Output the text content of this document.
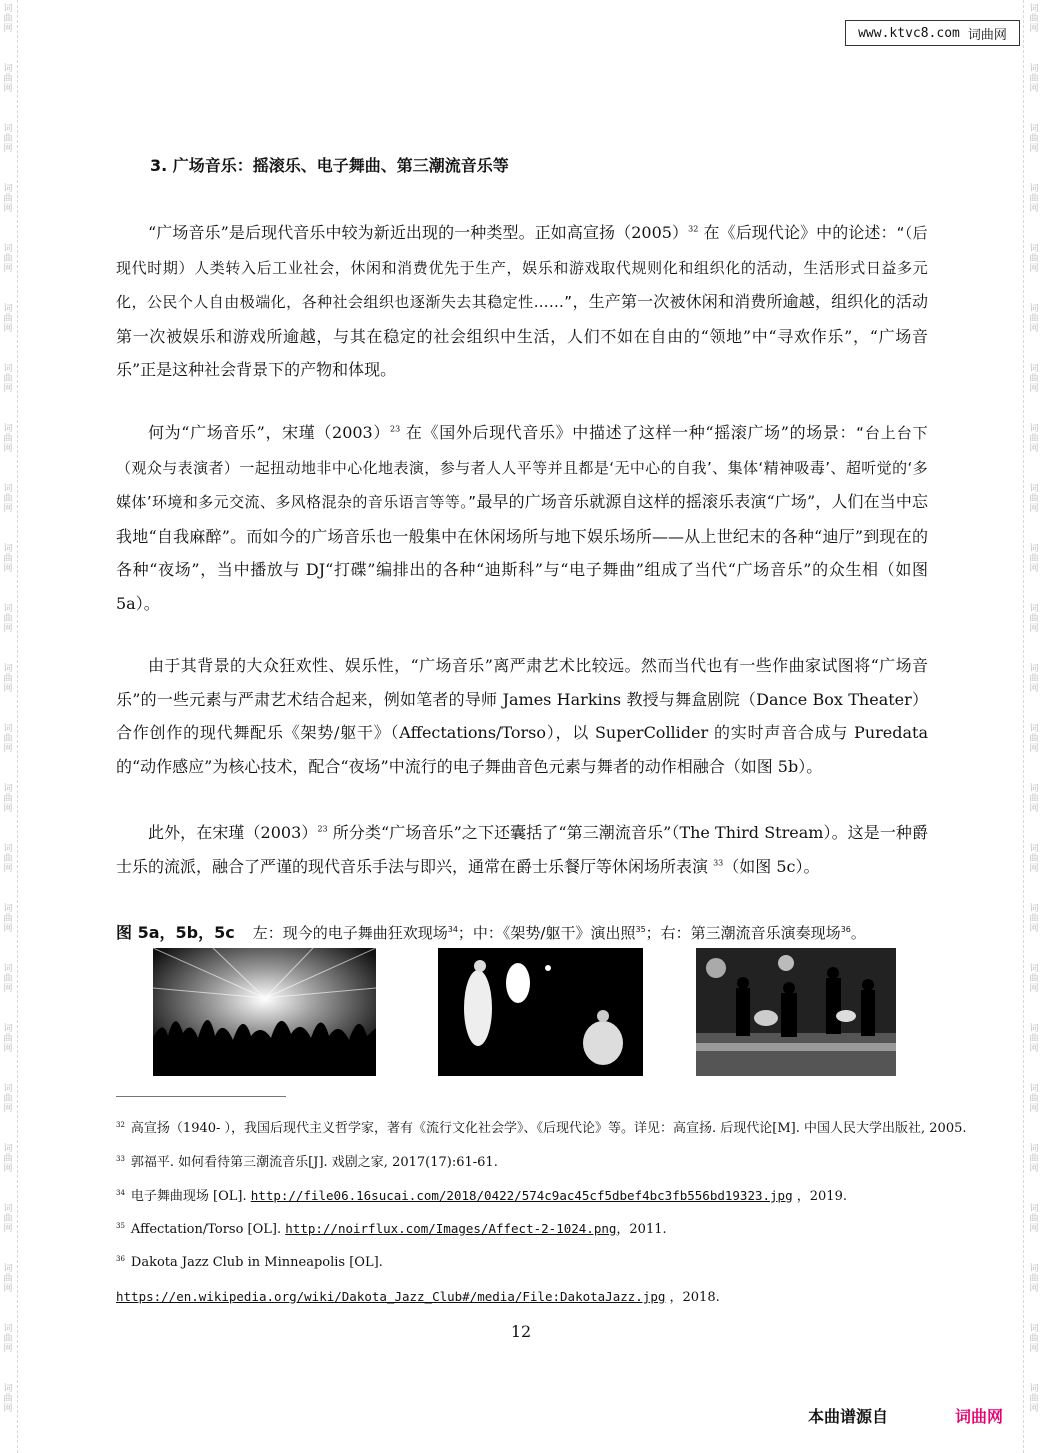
词
曲
网
词
曲
网
词
曲
网
词
曲
网
词
曲
网
词
曲
网
词
曲
网
词
曲
网
词
曲
网
词
曲
网
词
曲
网
词
曲
网
词
曲
网
词
曲
网
词
曲
网
词
曲
网
词
曲
网
词
曲
网
词
曲
网
词
曲
网
词
曲
网
词
曲
网
词
曲
网
词
曲
网
词
曲
网
词
曲
网
词
曲
网
词
曲
网
词
曲
网
词
曲
网
词
曲
网
词
曲
网
词
曲
网
词
曲
网
词
曲
网
词
曲
网
词
曲
网
词
曲
网
词
曲
网
词
曲
网
词
曲
网
词
曲
网
词
曲
网
词
曲
网
词
曲
网
词
曲
网
词
曲
网
词
曲
网
www.ktvc8.com 词曲网
3. 广场音乐：摇滚乐、电子舞曲、第三潮流音乐等

“广场音乐”是后现代音乐中较为新近出现的一种类型。正如高宣扬$(2005)^{32}$ 在《后现代论》中的论述：“（后现代时期）人类转入后工业社会，休闲和消费优先于生产，娱乐和游戏取代规则化和组织化的活动，生活形式日益多元化，公民个人自由极端化，各种社会组织也逐渐失去其稳定性……”，生产第一次被休闲和消费所逾越，组织化的活动第一次被娱乐和游戏所逾越，与其在稳定的社会组织中生活，人们不如在自由的“领地”中“寻欢作乐”，“广场音乐”正是这种社会背景下的产物和体现。

何为“广场音乐”，宋瑾$(2003)^{23}$ 在《国外后现代音乐》中描述了这样一种“摇滚广场”的场景：“台上台下（观众与表演者）一起扭动地非中心化地表演，参与者人人平等并且都是‘无中心的自我’、集体‘精神吸毒’、超听觉的‘多媒体’环境和多元交流、多风格混杂的音乐语言等等。”最早的广场音乐就源自这样的摇滚乐表演“广场”，人们在当中忘我地“自我麻醉”。而如今的广场音乐也一般集中在休闲场所与地下娱乐场所——从上世纪末的各种“迪厅”到现在的各种“夜场”，当中播放与 DJ“打碟”编排出的各种“迪斯科”与“电子舞曲”组成了当代“广场音乐”的众生相（如图 5a）。

由于其背景的大众狂欢性、娱乐性，“广场音乐”离严肃艺术比较远。然而当代也有一些作曲家试图将“广场音乐”的一些元素与严肃艺术结合起来，例如笔者的导师 James Harkins 教授与舞盒剧院（Dance Box Theater）合作创作的现代舞配乐《架势/躯干》（Affectations/Torso），以 SuperCollider 的实时声音合成与 Puredata 的“动作感应”为核心技术，配合“夜场”中流行的电子舞曲音色元素与舞者的动作相融合（如图 5b）。

此外，在宋瑾$(2003)^{23}$ 所分类“广场音乐”之下还囊括了“第三潮流音乐”（The Third Stream）。这是一种爵士乐的流派，融合了严谨的现代音乐手法与即兴，通常在爵士乐餐厅等休闲场所表演 $^{33}$（如图 5c）。

图 5a，5b，5c 左：现今的电子舞曲狂欢现场$^{34}$；中：《架势/躯干》演出照$^{35}$；右：第三潮流音乐演奏现场$^{36}$。
$^{32}$ 高宣扬（1940- ），我国后现代主义哲学家，著有《流行文化社会学》、《后现代论》等。详见：高宣扬. 后现代论[M]. 中国人民大学出版社, 2005.
$^{33}$ 郭福平. 如何看待第三潮流音乐[J]. 戏剧之家, 2017(17):61-61.
$^{34}$ 电子舞曲现场 [OL]. http://file06.16sucai.com/2018/0422/574c9ac45cf5dbef4bc3fb556bd19323.jpg ，2019.
$^{35}$ Affectation/Torso [OL]. http://noirflux.com/Images/Affect-2-1024.png，2011.
$^{36}$ Dakota Jazz Club in Minneapolis [OL].
https://en.wikipedia.org/wiki/Dakota_Jazz_Club#/media/File:DakotaJazz.jpg ，2018.
12
本曲谱源自	词曲网
